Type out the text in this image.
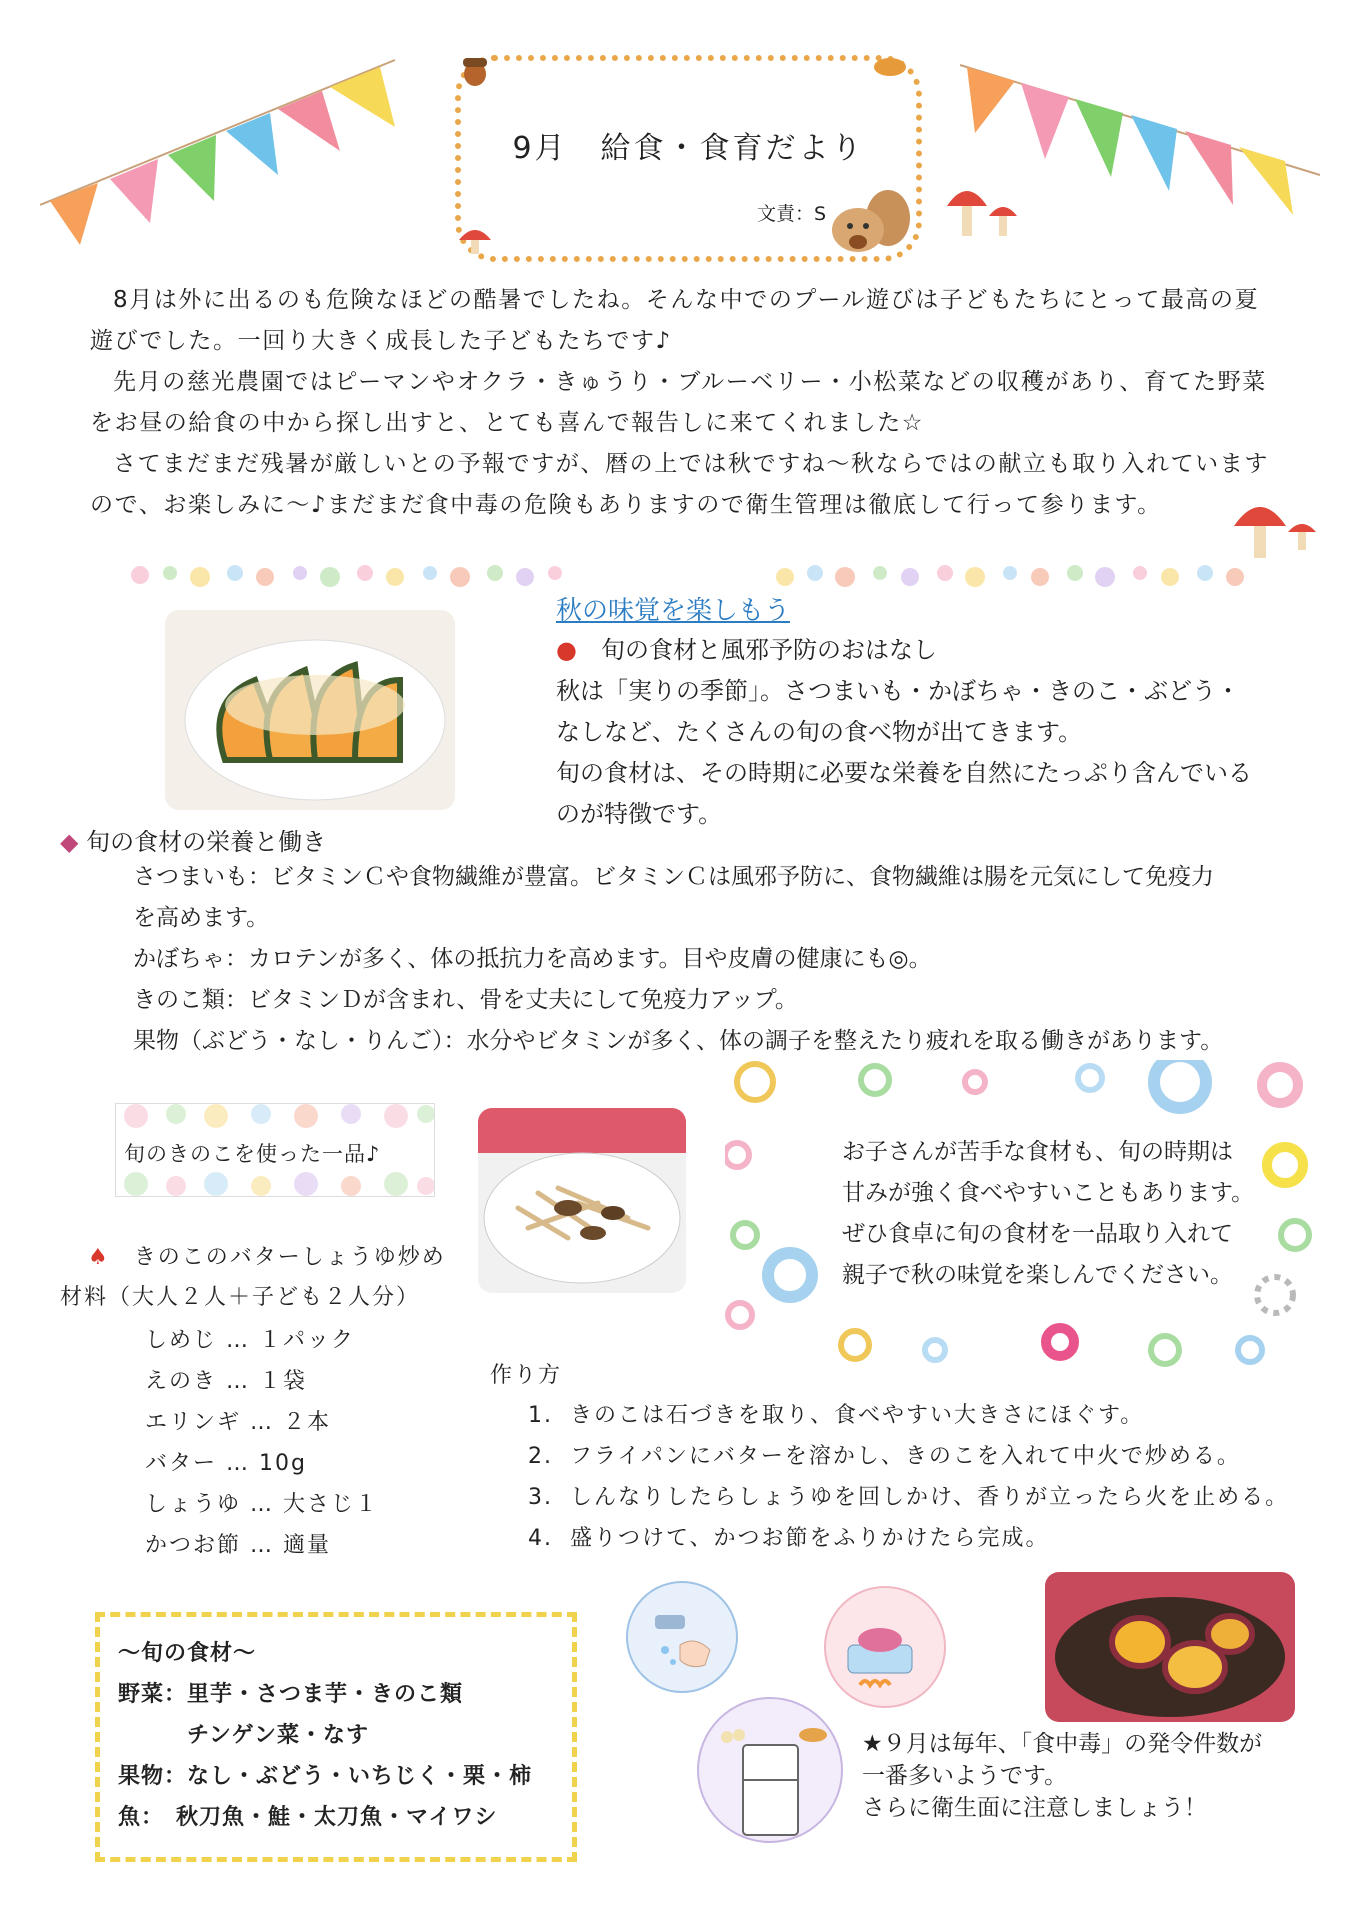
9月　給食・食育だより
文責：S

8月は外に出るのも危険なほどの酷暑でしたね。そんな中でのプール遊びは子どもたちにとって最高の夏遊びでした。一回り大きく成長した子どもたちです♪

先月の慈光農園ではピーマンやオクラ・きゅうり・ブルーベリー・小松菜などの収穫があり、育てた野菜をお昼の給食の中から探し出すと、とても喜んで報告しに来てくれました☆

さてまだまだ残暑が厳しいとの予報ですが、暦の上では秋ですね～秋ならではの献立も取り入れていますので、お楽しみに～♪まだまだ食中毒の危険もありますので衛生管理は徹底して行って参ります。

秋の味覚を楽しもう

●　 旬の食材と風邪予防のおはなし

秋は「実りの季節」。さつまいも・かぼちゃ・きのこ・ぶどう・

なしなど、たくさんの旬の食べ物が出てきます。

旬の食材は、その時期に必要な栄養を自然にたっぷり含んでいる

のが特徴です。

◆ 旬の食材の栄養と働き

さつまいも：ビタミンＣや食物繊維が豊富。ビタミンＣは風邪予防に、食物繊維は腸を元気にして免疫力

を高めます。

かぼちゃ：カロテンが多く、体の抵抗力を高めます。目や皮膚の健康にも◎。

きのこ類：ビタミンＤが含まれ、骨を丈夫にして免疫力アップ。

果物（ぶどう・なし・りんご）：水分やビタミンが多く、体の調子を整えたり疲れを取る働きがあります。

旬のきのこを使った一品♪
♠　 きのこのバターしょうゆ炒め
材料（大人２人＋子ども２人分）
しめじ … １パック
えのき … １袋
エリンギ … ２本
バター … 10g
しょうゆ … 大さじ１
かつお節 … 適量
作り方
1. きのこは石づきを取り、食べやすい大きさにほぐす。
2. フライパンにバターを溶かし、きのこを入れて中火で炒める。
3. しんなりしたらしょうゆを回しかけ、香りが立ったら火を止める。
4. 盛りつけて、かつお節をふりかけたら完成。

お子さんが苦手な食材も、旬の時期は

甘みが強く食べやすいこともあります。

ぜひ食卓に旬の食材を一品取り入れて

親子で秋の味覚を楽しんでください。

～旬の食材～

野菜：里芋・さつま芋・きのこ類

　　　チンゲン菜・なす

果物：なし・ぶどう・いちじく・栗・柿

魚：　秋刀魚・鮭・太刀魚・マイワシ

★９月は毎年、「食中毒」の発令件数が

一番多いようです。

さらに衛生面に注意しましょう！
